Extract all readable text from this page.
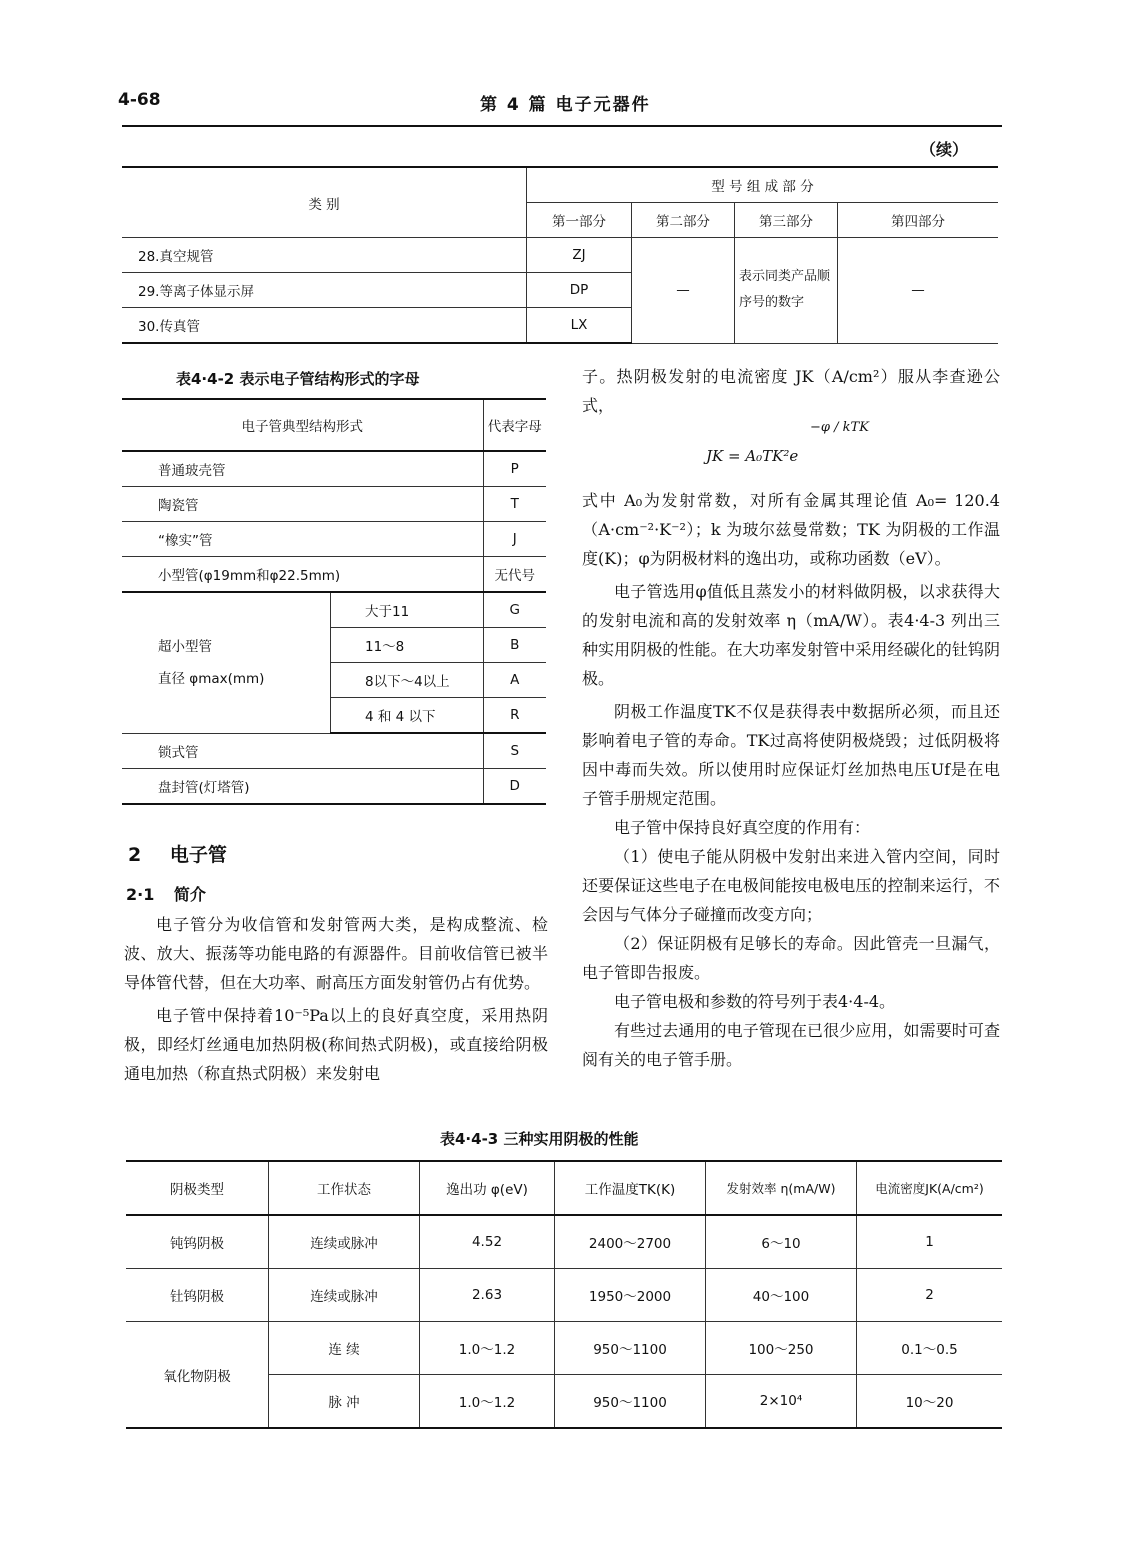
4-68	第 4 篇 电子元器件
（续）
类 别	型 号 组 成 部 分			
	第一部分	第二部分	第三部分	第四部分
28.真空规管	ZJ	—	表示同类产品顺序号的数字	—
29.等离子体显示屏	DP			
30.传真管	LX			
表4·4-2 表示电子管结构形式的字母
电子管典型结构形式		代表字母
普通玻壳管		P
陶瓷管		T
“橡实”管		J
小型管(φ19mm和φ22.5mm)		无代号

超小型管
直径 φmax(mm)	大于11	G
	11～8	B
	8以下～4以上	A
	4 和 4 以下	R
锁式管		S
盘封管(灯塔管)		D
2 电子管
2·1 简介
电子管分为收信管和发射管两大类，是构成整流、检波、放大、振荡等功能电路的有源器件。目前收信管已被半导体管代替，但在大功率、耐高压方面发射管仍占有优势。
电子管中保持着10⁻⁵Pa以上的良好真空度，采用热阴极，即经灯丝通电加热阴极(称间热式阴极)，或直接给阴极通电加热（称直热式阴极）来发射电
子。热阴极发射的电流密度 JK（A/cm²）服从李查逊公式，
−φ / kTK
JK = A₀TK²e
式中 A₀为发射常数，对所有金属其理论值 A₀= 120.4（A·cm⁻²·K⁻²）；k 为玻尔兹曼常数；TK 为阴极的工作温度(K)；φ为阴极材料的逸出功，或称功函数（eV）。
电子管选用φ值低且蒸发小的材料做阴极，以求获得大的发射电流和高的发射效率 η（mA/W）。表4·4-3 列出三种实用阴极的性能。在大功率发射管中采用经碳化的钍钨阴极。
阴极工作温度TK不仅是获得表中数据所必须，而且还影响着电子管的寿命。TK过高将使阴极烧毁；过低阴极将因中毒而失效。所以使用时应保证灯丝加热电压Uf是在电子管手册规定范围。
电子管中保持良好真空度的作用有：
（1）使电子能从阴极中发射出来进入管内空间，同时还要保证这些电子在电极间能按电极电压的控制来运行，不会因与气体分子碰撞而改变方向；
（2）保证阴极有足够长的寿命。因此管壳一旦漏气，电子管即告报废。
电子管电极和参数的符号列于表4·4-4。
有些过去通用的电子管现在已很少应用，如需要时可查阅有关的电子管手册。
表4·4-3 三种实用阴极的性能
阴极类型	工作状态	逸出功 φ(eV)	工作温度TK(K)	发射效率 η(mA/W)	电流密度JK(A/cm²)
钝钨阴极	连续或脉冲	4.52	2400～2700	6～10	1
钍钨阴极	连续或脉冲	2.63	1950～2000	40～100	2
氧化物阴极	连 续	1.0～1.2	950～1100	100～250	0.1～0.5
	脉 冲	1.0～1.2	950～1100	2×10⁴	10～20
